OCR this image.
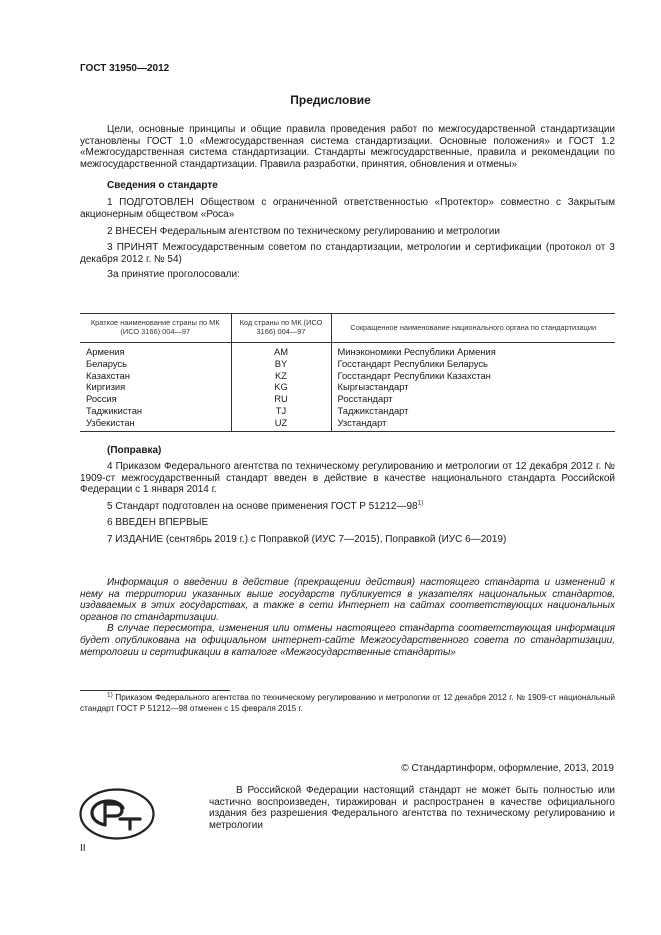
ГОСТ 31950—2012
Предисловие

Цели, основные принципы и общие правила проведения работ по межгосударственной стандартизации установлены ГОСТ 1.0 «Межгосударственная система стандартизации. Основные положения» и ГОСТ 1.2 «Межгосударственная система стандартизации. Стандарты межгосударственные, правила и рекомендации по межгосударственной стандартизации. Правила разработки, принятия, обновления и отмены»

Сведения о стандарте

1 ПОДГОТОВЛЕН Обществом с ограниченной ответственностью «Протектор» совместно с Закрытым акционерным обществом «Роса»

2 ВНЕСЕН Федеральным агентством по техническому регулированию и метрологии

3 ПРИНЯТ Межгосударственным советом по стандартизации, метрологии и сертификации (протокол от 3 декабря 2012 г. № 54)

За принятие проголосовали:

Краткое наименование страны по МК (ИСО 3166) 004—97	Код страны по МК (ИСО 3166) 004—97	Сокращенное наименование национального органа по стандартизации
Армения	AM	Минэкономики Республики Армения
Беларусь	BY	Госстандарт Республики Беларусь
Казахстан	KZ	Госстандарт Республики Казахстан
Киргизия	KG	Кыргызстандарт
Россия	RU	Росстандарт
Таджикистан	TJ	Таджикстандарт
Узбекистан	UZ	Узстандарт

(Поправка)

4 Приказом Федерального агентства по техническому регулированию и метрологии от 12 декабря 2012 г. № 1909-ст межгосударственный стандарт введен в действие в качестве национального стандарта Российской Федерации с 1 января 2014 г.

5 Стандарт подготовлен на основе применения ГОСТ Р 51212—98$^{1)}$

6 ВВЕДЕН ВПЕРВЫЕ

7 ИЗДАНИЕ (сентябрь 2019 г.) с Поправкой (ИУС 7—2015), Поправкой (ИУС 6—2019)

Информация о введении в действие (прекращении действия) настоящего стандарта и изменений к нему на территории указанных выше государств публикуется в указателях национальных стандартов, издаваемых в этих государствах, а также в сети Интернет на сайтах соответствующих национальных органов по стандартизации.

В случае пересмотра, изменения или отмены настоящего стандарта соответствующая информация будет опубликована на официальном интернет-сайте Межгосударственного совета по стандартизации, метрологии и сертификации в каталоге «Межгосударственные стандарты»

$^{1)}$ Приказом Федерального агентства по техническому регулированию и метрологии от 12 декабря 2012 г. № 1909-ст национальный стандарт ГОСТ Р 51212—98 отменен с 15 февраля 2015 г.
© Стандартинформ, оформление, 2013, 2019
В Российской Федерации настоящий стандарт не может быть полностью или частично воспроизведен, тиражирован и распространен в качестве официального издания без разрешения Федерального агентства по техническому регулированию и метрологии
II
